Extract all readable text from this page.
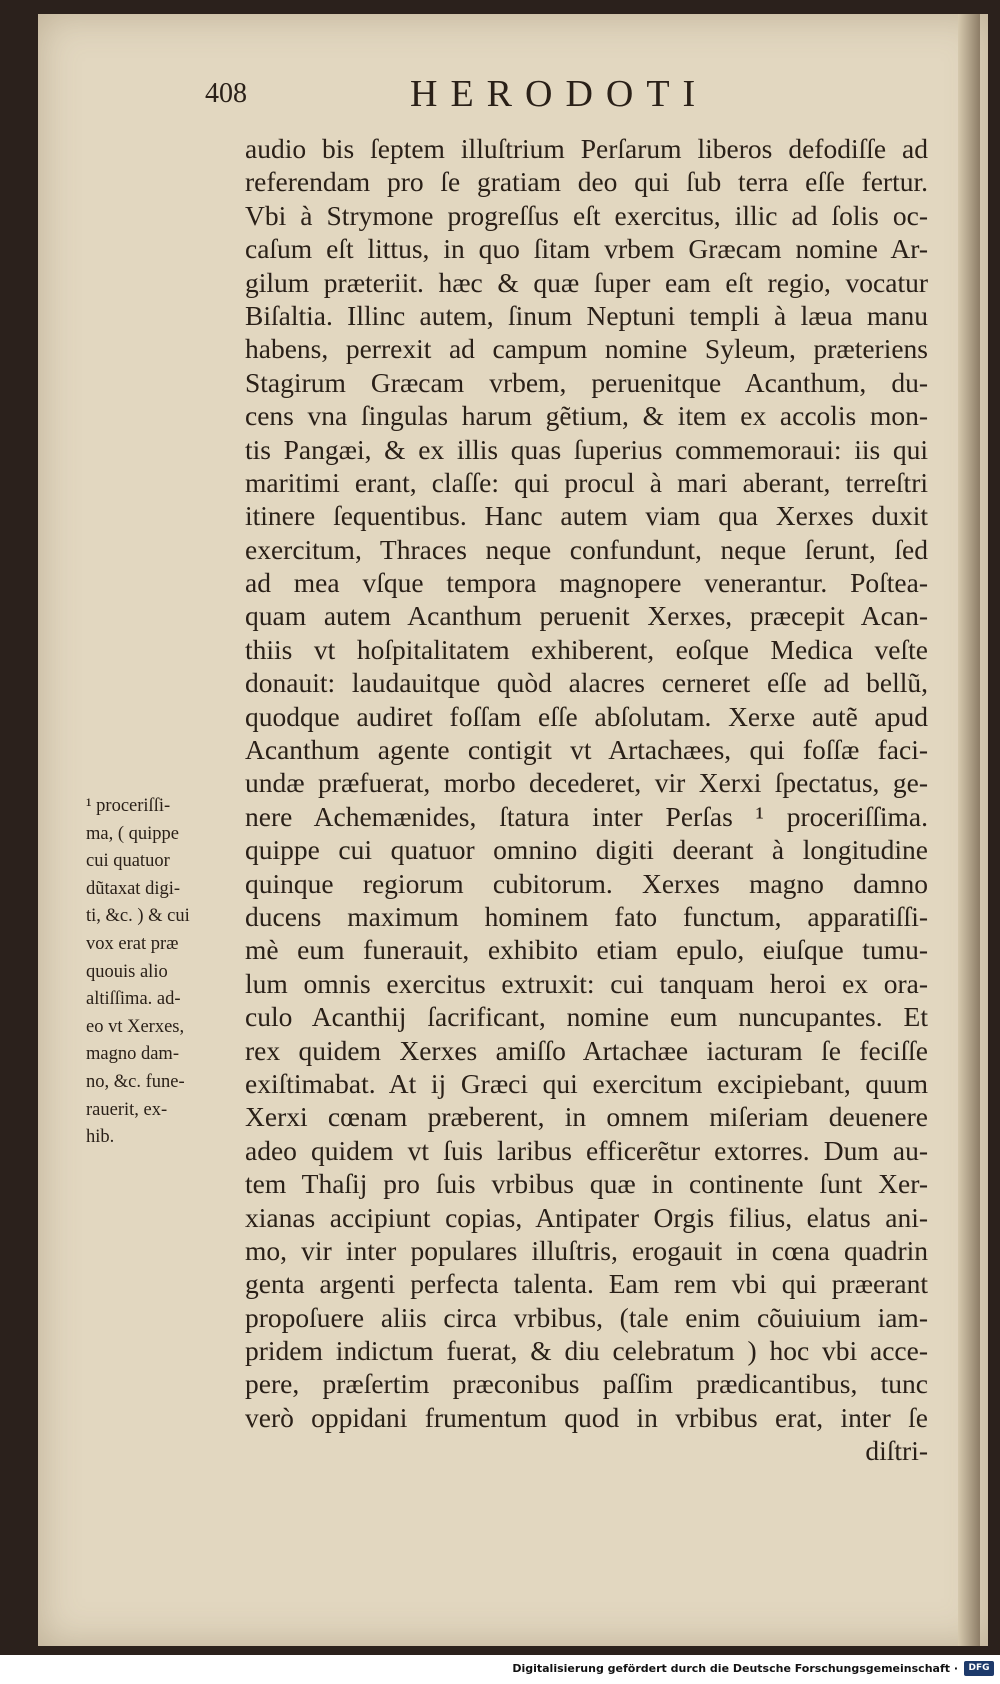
408	HERODOTI
audio bis ſeptem illuſtrium Perſarum liberos defodiſſe ad
referendam pro ſe gratiam deo qui ſub terra eſſe fertur.
Vbi à Strymone progreſſus eſt exercitus, illic ad ſolis oc-
caſum eſt littus, in quo ſitam vrbem Græcam nomine Ar-
gilum præteriit. hæc & quæ ſuper eam eſt regio, vocatur
Biſaltia. Illinc autem, ſinum Neptuni templi à læua manu
habens, perrexit ad campum nomine Syleum, præteriens
Stagirum Græcam vrbem, peruenitque Acanthum, du-
cens vna ſingulas harum gẽtium, & item ex accolis mon-
tis Pangæi, & ex illis quas ſuperius commemoraui: iis qui
maritimi erant, claſſe: qui procul à mari aberant, terreſtri
itinere ſequentibus. Hanc autem viam qua Xerxes duxit
exercitum, Thraces neque confundunt, neque ſerunt, ſed
ad mea vſque tempora magnopere venerantur. Poſtea-
quam autem Acanthum peruenit Xerxes, præcepit Acan-
thiis vt hoſpitalitatem exhiberent, eoſque Medica veſte
donauit: laudauitque quòd alacres cerneret eſſe ad bellũ,
quodque audiret foſſam eſſe abſolutam. Xerxe autẽ apud
Acanthum agente contigit vt Artachæes, qui foſſæ faci-
undæ præfuerat, morbo decederet, vir Xerxi ſpectatus, ge-
nere Achemænides, ſtatura inter Perſas ¹ proceriſſima.
quippe cui quatuor omnino digiti deerant à longitudine
quinque regiorum cubitorum. Xerxes magno damno
ducens maximum hominem fato functum, apparatiſſi-
mè eum funerauit, exhibito etiam epulo, eiuſque tumu-
lum omnis exercitus extruxit: cui tanquam heroi ex ora-
culo Acanthij ſacrificant, nomine eum nuncupantes. Et
rex quidem Xerxes amiſſo Artachæe iacturam ſe feciſſe
exiſtimabat. At ij Græci qui exercitum excipiebant, quum
Xerxi cœnam præberent, in omnem miſeriam deuenere
adeo quidem vt ſuis laribus efficerẽtur extorres. Dum au-
tem Thaſij pro ſuis vrbibus quæ in continente ſunt Xer-
xianas accipiunt copias, Antipater Orgis filius, elatus ani-
mo, vir inter populares illuſtris, erogauit in cœna quadrin
genta argenti perfecta talenta. Eam rem vbi qui præerant
propoſuere aliis circa vrbibus, (tale enim cõuiuium iam-
pridem indictum fuerat, & diu celebratum ) hoc vbi acce-
pere, præſertim præconibus paſſim prædicantibus, tunc
verò oppidani frumentum quod in vrbibus erat, inter ſe
diſtri-
¹ proceriſſi-
ma, ( quippe
cui quatuor
dũtaxat digi-
ti, &c. ) & cui
vox erat præ
quouis alio
altiſſima. ad-
eo vt Xerxes,
magno dam-
no, &c. fune-
rauerit, ex-
hib.
Digitalisierung gefördert durch die Deutsche Forschungsgemeinschaft ·	DFG
